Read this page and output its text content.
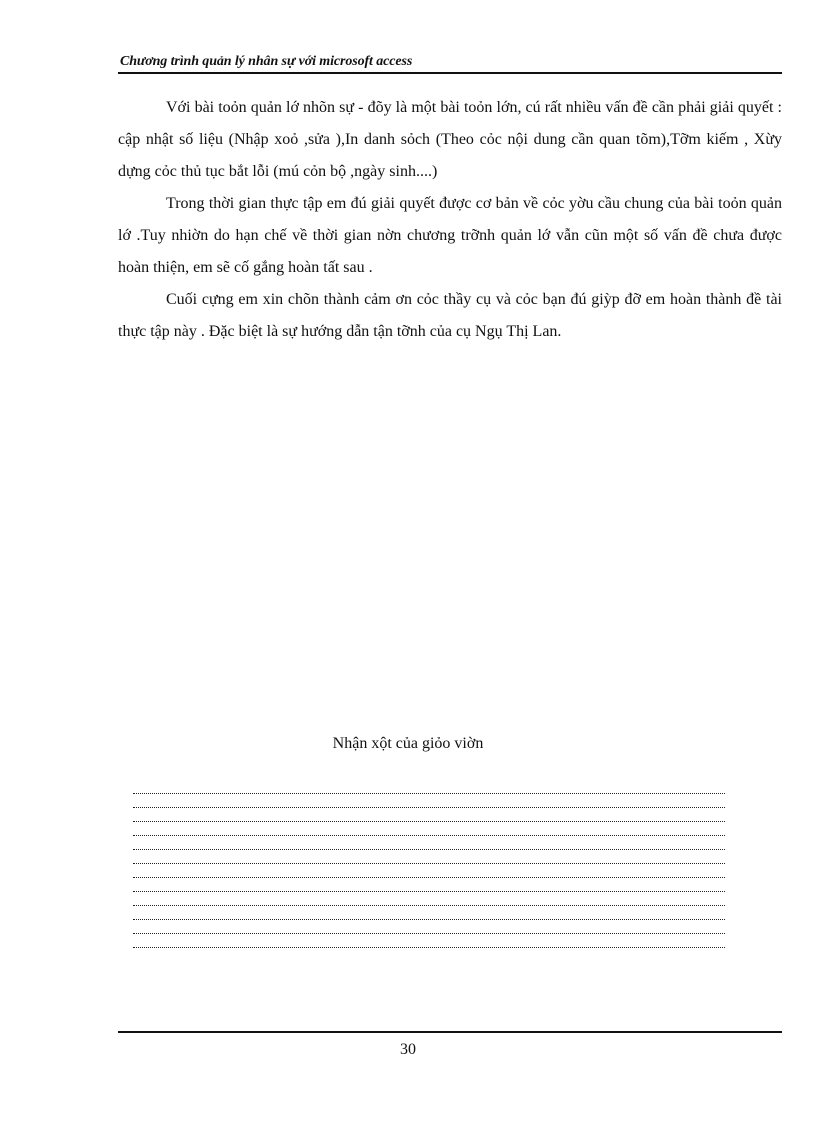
Chương trình quản lý nhân sự với microsoft access

Với bài toỏn quản lớ nhõn sự - đõy là một bài toỏn lớn, cú rất nhiều vấn đề cần phải giải quyết : cập nhật số liệu (Nhập xoỏ ,sửa ),In danh sỏch (Theo cỏc nội dung cần quan tõm),Tỡm kiếm , Xừy dựng cỏc thủ tục bắt lỗi (mú cỏn bộ ,ngày sinh....)

Trong thời gian thực tập em đú giải quyết được cơ bản về cỏc yờu cầu chung của bài toỏn quản lớ .Tuy nhiờn do hạn chế về thời gian nờn chương trỡnh quản lớ vẫn cũn một số vấn đề chưa được hoàn thiện, em sẽ cố gắng hoàn tất sau .

Cuối cựng em xin chõn thành cảm ơn cỏc thầy cụ và cỏc bạn đú giỳp đỡ em hoàn thành đề tài thực tập này . Đặc biệt là sự hướng dẫn tận tỡnh của cụ Ngụ Thị Lan.

Nhận xột của giỏo viờn
30
